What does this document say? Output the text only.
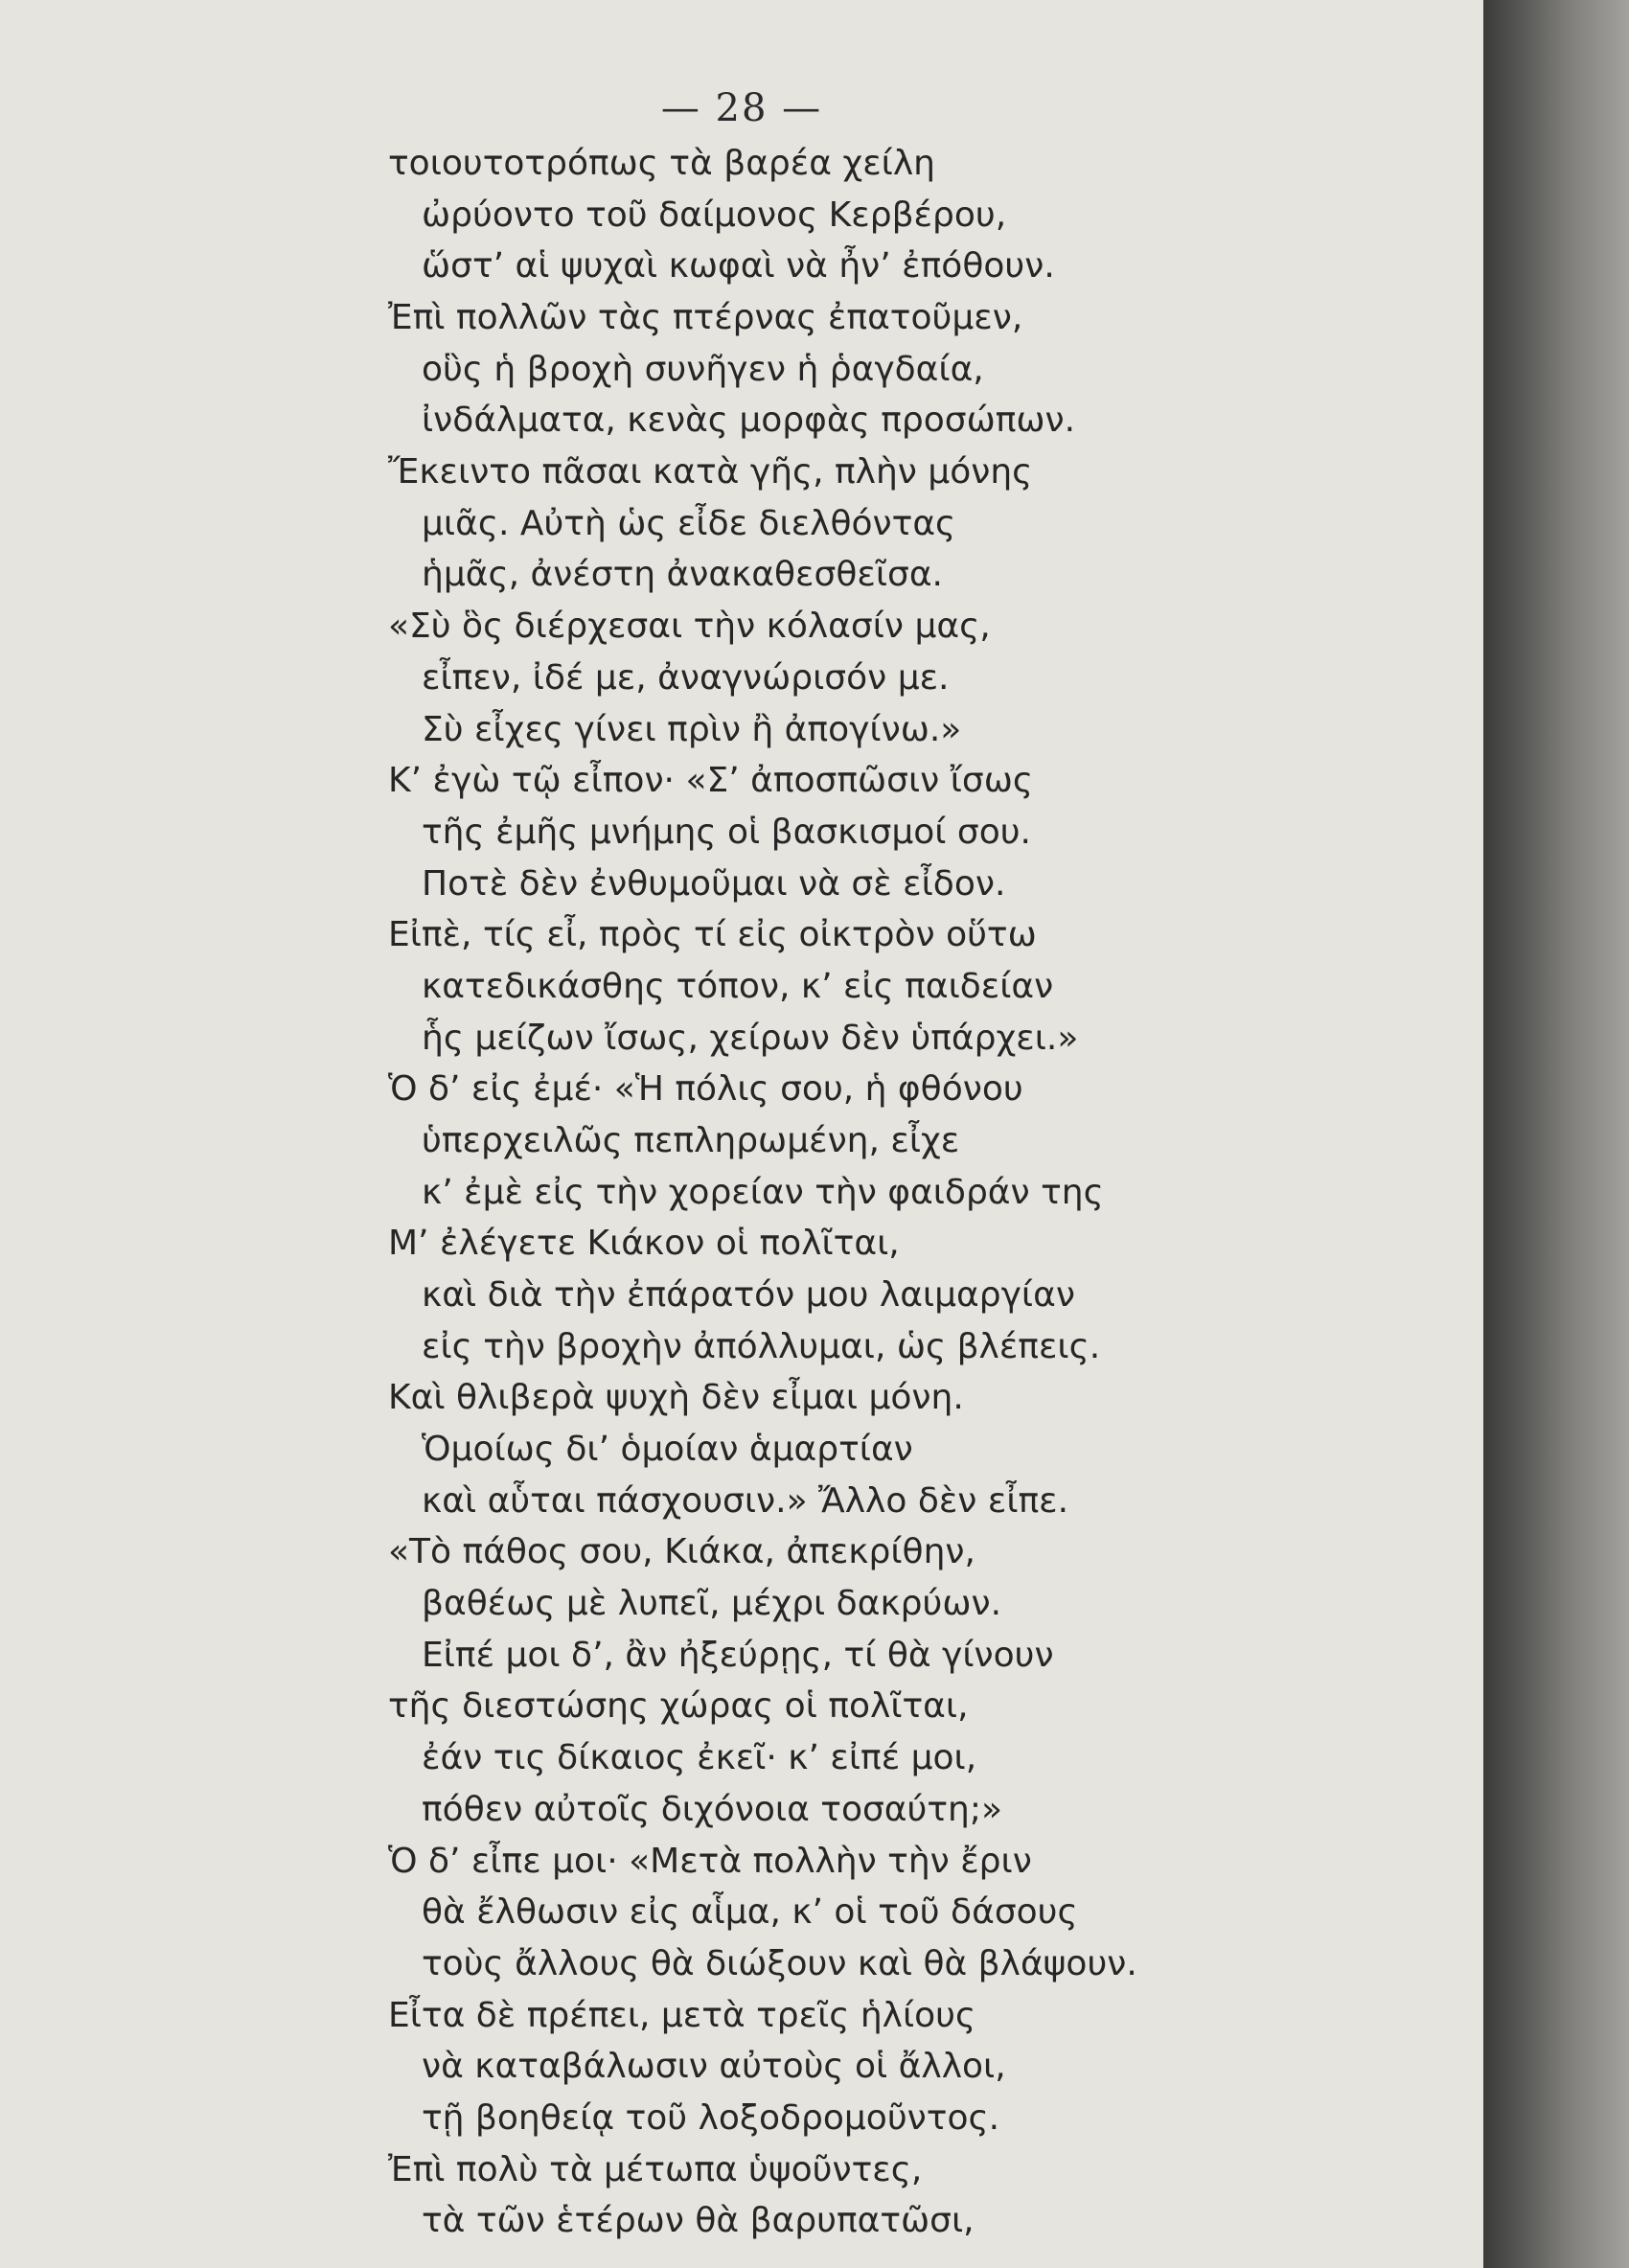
— 28 —
τοιουτοτρόπως τὰ βαρέα χείλη
ὠρύοντο τοῦ δαίμονος Κερβέρου,
ὥστ’ αἱ ψυχαὶ κωφαὶ νὰ ἦν’ ἐπόθουν.
Ἐπὶ πολλῶν τὰς πτέρνας ἐπατοῦμεν,
οὓς ἡ βροχὴ συνῆγεν ἡ ῥαγδαία,
ἰνδάλματα, κενὰς μορφὰς προσώπων.
Ἔκειντο πᾶσαι κατὰ γῆς, πλὴν μόνης
μιᾶς. Αὐτὴ ὡς εἶδε διελθόντας
ἡμᾶς, ἀνέστη ἀνακαθεσθεῖσα.
«Σὺ ὃς διέρχεσαι τὴν κόλασίν μας,
εἶπεν, ἰδέ με, ἀναγνώρισόν με.
Σὺ εἶχες γίνει πρὶν ἢ ἀπογίνω.»
Κ’ ἐγὼ τῷ εἶπον· «Σ’ ἀποσπῶσιν ἴσως
τῆς ἐμῆς μνήμης οἱ βασκισμοί σου.
Ποτὲ δὲν ἐνθυμοῦμαι νὰ σὲ εἶδον.
Εἰπὲ, τίς εἶ, πρὸς τί εἰς οἰκτρὸν οὕτω
κατεδικάσθης τόπον, κ’ εἰς παιδείαν
ἧς μείζων ἴσως, χείρων δὲν ὑπάρχει.»
Ὁ δ’ εἰς ἐμέ· «Ἡ πόλις σου, ἡ φθόνου
ὑπερχειλῶς πεπληρωμένη, εἶχε
κ’ ἐμὲ εἰς τὴν χορείαν τὴν φαιδράν της
Μ’ ἐλέγετε Κιάκον οἱ πολῖται,
καὶ διὰ τὴν ἐπάρατόν μου λαιμαργίαν
εἰς τὴν βροχὴν ἀπόλλυμαι, ὡς βλέπεις.
Καὶ θλιβερὰ ψυχὴ δὲν εἶμαι μόνη.
Ὁμοίως δι’ ὁμοίαν ἁμαρτίαν
καὶ αὗται πάσχουσιν.» Ἄλλο δὲν εἶπε.
«Τὸ πάθος σου, Κιάκα, ἀπεκρίθην,
βαθέως μὲ λυπεῖ, μέχρι δακρύων.
Εἰπέ μοι δ’, ἂν ἠξεύρῃς, τί θὰ γίνουν
τῆς διεστώσης χώρας οἱ πολῖται,
ἐάν τις δίκαιος ἐκεῖ· κ’ εἰπέ μοι,
πόθεν αὐτοῖς διχόνοια τοσαύτη;»
Ὁ δ’ εἶπε μοι· «Μετὰ πολλὴν τὴν ἔριν
θὰ ἔλθωσιν εἰς αἷμα, κ’ οἱ τοῦ δάσους
τοὺς ἄλλους θὰ διώξουν καὶ θὰ βλάψουν.
Εἶτα δὲ πρέπει, μετὰ τρεῖς ἡλίους
νὰ καταβάλωσιν αὐτοὺς οἱ ἄλλοι,
τῇ βοηθείᾳ τοῦ λοξοδρομοῦντος.
Ἐπὶ πολὺ τὰ μέτωπα ὑψοῦντες,
τὰ τῶν ἑτέρων θὰ βαρυπατῶσι,
